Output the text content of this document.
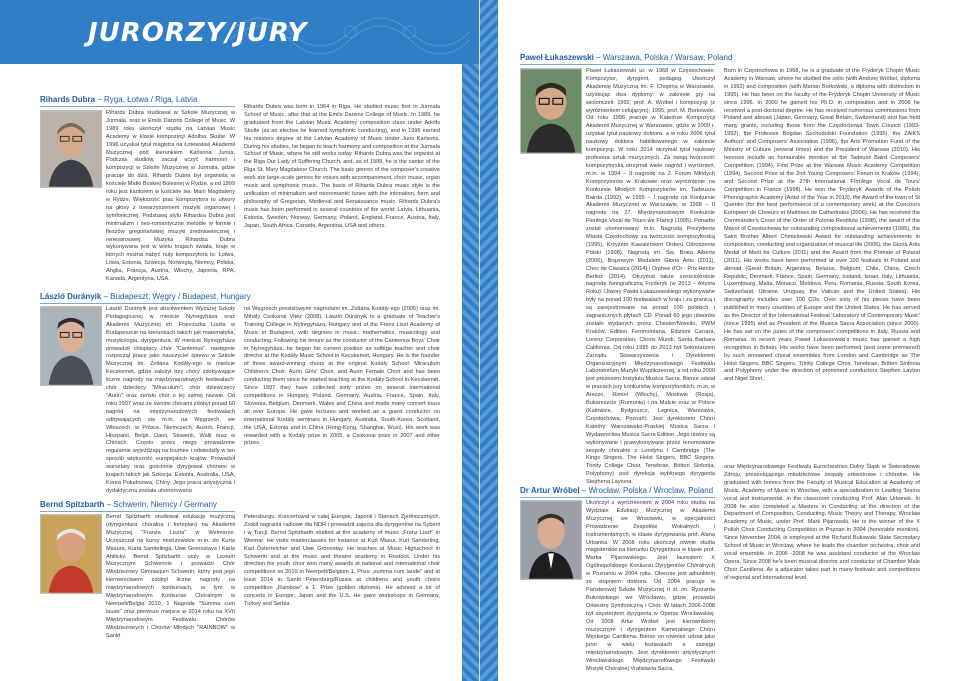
JURORZY/JURY
Rihards Dubra – Ryga, Łotwa / Riga, Latvia

Rihards Dubra studiował w Szkole Muzycznej w Jurmala, oraz w Emils Darzins College of Music. W 1989 roku ukończył studia na Latvian Music Academy w klasie kompozycji Adolfsa Skulte. W 1996 uzyskał tytuł magistra na Łotewskiej Akademii Muzycznej pod kierunkiem Karlsona Jurisa. Podczas studiów, zaczął uczyć harmonii i kompozycji w Szkole Muzycznej w Jurmala, gdzie pracuje do dziś. Rihards Dubra był organistą w kościele Matki Boskiej Bolesnej w Rydze, a od 1999 roku jest kantorem w kościele św. Marii Magdaleny w Rydze. Większość prac kompozytora to utwory na głosy z towarzyszeniem muzyki organowej i symfonicznej. Podstawą stylu Rihardsa Dubra jest minimalizm i neo-romantyczne melodie w formie i fleszów gregoriańskiej muzyki średniowiecznej i renesansowej. Muzyka Rihardsa Dubra wykonywana jest w wielu krajach świata, kraje w których można nabyć nuty kompozytora to: Łotwa, Litwa, Estonia, Szwecja, Norwegia, Niemcy, Polska, Anglia, Francja, Austria, Włochy, Japonia, RPA, Kanada, Argentyna, USA.

Rihards Dubra was born in 1964 in Riga. He studied music first in Jurmala School of Music, after that at the Emils Darzins College of Music. In 1989, he graduated from the Latvian Music Academy composition class under Adolfs Skulte (as an elective he learned symphonic conducting), and in 1996 earned his masters degree at the Latvian Academy of Music under Juris Karlsons. During his studies, he began to teach harmony and composition at the Jurmala School of Music, where he still works today. Rihards Dubra was the organist at the Riga Our Lady of Suffering Church, and, as of 1999, he is the cantor of the Riga St. Mary Magdalene Church. The basic genres of the composer's creative work are large-scale genres for voices with accompaniment, choir music, organ music and symphonic music. The basis of Rihards Dubra music style is the unification of minimalism and neoromantic tunes with the intonation, form and philosophy of Gregorian, Medieval and Renaissance music. Rihards Dubra's music has been performed in several countries of the world: Latvia, Lithuania, Estonia, Sweden, Norway, Germany, Poland, England, France, Austria, Italy, Japan, South Africa, Canada, Argentina, USA and others.

László Durányik – Budapeszt, Węgry / Budapest, Hungary

László Durányik jest absolwentem Wyższej Szkoły Pedagogicznej w mieście Nyíregyháza oraz Akademii Muzycznej im. Franciszka Liszta w Budapeszcie na kierunkach takich jak matematyka, muzykologia, dyrygentura. W mieście Nyíregyháza prowadził chłopięcy chór "Cantemus", następnie rozpoczął pracę jako nauczyciel śpiewu w Szkole Muzycznej im. Zoltána Kodály-ego w mieście Kecskemét, gdzie założył trzy chóry zdobywające liczne nagrody na międzynarodowych festiwalach: chór dziecięcy "Miraculum", chór dziewczęcy "Aurin" oraz żeński chór o tej samej nazwie. Od roku 1997 wraz ze swoimi chórami zdobył ponad 60 nagród na międzynarodowych festiwalach odbywających się m.in. na Węgrzech, we Włoszech, w Polsce, Niemczech, Austrii, Francji, Hiszpanii, Belgii, Danii, Słowenii, Walii oraz w Chinach. Często przez niego prowadzone regularnie wyjeżdżają na tournee i odwiedziły w ten sposób większość europejskich krajów. Prowadził warsztaty oraz gościnnie dyrygował chórami w krajach takich jak Szkocja, Estonia, Australia, USA, Korea Południowa, Chiny. Jego praca artystyczna i dydaktyczna została uhonorowana

na Węgrzech prestiżowymi nagrodami im. Zoltána Kodály-ego (2005) oraz im. Mihály Csokonai Vitéz (2008). László Durányik is a graduate of Teacher's Training College in Nyíregyháza, Hungary and of the Franz Liszt Academy of Music in Budapest, with degrees in music, mathematics, musicology and conducting. Following his tenure as the conductor of the Cantemus Boys' Choir in Nyíregyháza, he began his current position as solfège teacher and choir director at the Kodály Music School in Kecskemét, Hungary. He is the founder of three award-winning choirs at the original Kodály School: Miraculum Children's Choir, Aurin Girls' Choir, and Aurin Female Choir and has been conducting them since he started teaching at the Kodály School in Kecskemét. Since 1997 they have collected sixty prizes on several international competitions in Hungary, Poland, Germany, Austria, France, Spain, Italy, Slovenia, Belgium, Denmark, Wales and China and made many concert tours all over Europe. He gave lectures and worked as a guest conductor on international Kodály seminars in Hungary, Australia, South-Korea, Scotland, the USA, Estonia and in China (Hong-Kong, Shanghai, Wuxi). His work was rewarded with a Kodály prize in 2005, a Csokonai prize in 2007 and other prizes.

Bernd Spitzbarth – Schwerin, Niemcy / Germany

Bernd Spitzbarth studiował edukację muzyczną (dyrygentura chóralna i fortepian) na Akademii Muzycznej "Franza Liszta" w Weimarze. Uczęszczał na kursy mistrzowskie m.in. do Kurta Masura, Kurta Sandelinga, Uwe Gronostaya i Karla Antlicky. Bernd Spitzbarth uczy w Liceum Muzycznym Schwerinie i prowadzi Chór Młodzieżowy Gimnazjum Schwerin, który pod jego kierownictwem zdobył liczne nagrody na międzynarodowych konkursach, w tym w Międzynarodowym Konkursie Chóralnym w Neerpelt/Belgia 2010, 1 Nagrodę "Summa cum laude" oraz pierwsze miejsce w 2014 roku na XVII Międzynarodowym Festiwalu Chórów Młodzieżowych i Chórów Młodych "RAINBOW" w Sankt

Petersburgu. Koncertował w całej Europie, Japonii i Stanach Zjednoczonych. Zrobił nagrania radiowe dla NDR i prowadził zajęcia dla dyrygentów na Syberii i w Turcji. Bernd Spitzbarth studied at the academy of music „Franz Liszt" in Weimar. He visits masterclasses for instance at Kurt Masur, Kurt Sanderling, Karl Österreicher and Uwe Gronostay. He teaches at Music Highschool in Schwerin and at the music and theatre academy in Rostock. Under his direction his youth choir won many awards at national and international choir competitions so 2010 in Neerpelt/Belgium 1. Prize „summa cum laude" and at least 2014 in Sankt Petersburg/Russia at childrens and youth choirs competition „Rainbow" a 1. Prize (golden diploma). He advised a lot of concerts in Europe, Japan and the U.S. He gave workshops in Germany, Turkey and Serbia.

Paweł Łukaszewski – Warszawa, Polska / Warsaw, Poland

Paweł Łukaszewski ur. w 1968 w Częstochowie. Kompozytor, dyrygent, pedagog. Ukończył Akademię Muzyczną im. F. Chopina w Warszawie, uzyskując dwa dyplomy: w zakresie gry na wiolonczeli: 1992, prof. A. Wróbel i kompozycji (z wyróżnieniem celującym); 1995, prof. M. Borkowski. Od roku 1996 pracuje w Katedrze Kompozycji Akademii Muzycznej w Warszawie, gdzie w 2000 r. uzyskał tytuł naukowy doktora, a w roku 2006 tytuł naukowy doktora habilitowanego w zakresie kompozycji. W roku 2014 otrzymał tytuł naukowy profesora sztuk muzycznych. Za swoją twórczość kompozytorską otrzymał wiele nagród i wyróżnień, m.in. w 1994 – II nagrodę na 2. Forum Młodych Kompozytorów w Krakowie oraz wyróżnienie na Konkursie Młodych Kompozytorów im. Tadeusza Bairda (1992), w 1995 – I nagrodę na Konkursie Akademii Muzycznej w Warszawie, w 1998 – II nagrodę na 27. Międzynarodowym Konkursie Florilège Vocal de Tours we Francji (1995). Ponadto został uhonorowany m.in. Nagrodą Prezydenta Miasta Częstochowy za twórczość kompozytorską (1995), Krzyżem Kawalerskim Orderu Odrodzenia Polski (1998), Nagrodą im. Św. Brata Alberta (2006), Brązowym Medalem Gloria Artis (2011), Choc de Classica (2014) i Orphee d'Or - Prix Hector Berlioz (2014). Otrzymał także sześciokrotnie nagrodę fonograficzną Fryderyk (w 2013 - Artysta Roku). Utwory Pawła Łukaszewskiego wykonywane były na ponad 100 festiwalach w kraju i za granicą i są zarejestrowane na ponad 100 polskich i zagranicznych płytach CD. Ponad 60 jego utworów zostało wydanych przez Chester/Novello, PWM Kraków, Edition Ferrimontana, Edizioni Carrara, Lorenz Corporation, Choris Mundi, Santa Barbara California. Od roku 1995 do 2013 był Sekretarzem Zarządu Stowarzyszenia i Dyrektorem Organizacyjnym Międzynarodowego Festiwalu Laboratorium Muzyki Współczesnej, a od roku 2000 jest prezesem Instytutu Musica Sacra. Bierze udział w pracach jury konkursów kompozytorskich, m.in. w Arezzo, Rimini (Włochy), Moskwie (Rosja), Bukareszcie (Rumunia) i na Malcie oraz w Polsce (Katowice, Bydgoszcz, Legnica, Warszawa, Częstochowa, Poznań). Jest dyrektorem Chóru Katedry Warszawsko-Praskiej Musica Sacra i Wydawnictwa Musica Sacra Edition. Jego utwory są wykonywane i prawykonywane przez renomowane zespoły chóralne z Londynu i Cambridge (The Kings Singers, The Holst Singers, BBC Singers, Trinity College Choir, Tenebrae, Britten Sinfonia, Polyphony) pod dyrekcją wybitnego dyrygenta Stephena Laytona.

Born in Częstochowa in 1968, he is a graduate of the Fryderyk Chopin Music Academy in Warsaw, where he studied the cello (with Andrzej Wróbel, diploma in 1992) and composition (with Marian Borkowski, a diploma with distinction in 1995). He has been on the faculty of the Fryderyk Chopin University of Music since 1996. In 2000 he gained his Ph.D. in composition and in 2006 he received a post-doctoral degree. He has received numerous commissions from Poland and abroad (Japan, Germany, Great Britain, Switzerland) and has held many grants, including those from the Częstochowa Town Council (1993-1992), the Professor Bogdan Suchodolski Foundation (1995), the ZAiKS Authors' and Composers' Association (1996), the Arts Promotion Fund of the Ministry of Culture (several times) and the President of Warsaw (2010). His honours include an honourable mention at the Tadeusz Baird Composers' Competition (1994), First Prize at the Warsaw Music Academy Competition (1994), Second Prize at the 2nd Young Composers' Forum in Kraków (1994), and Second Prize at the 27th International 'Florilège Vocal de Tours' Competition in France (1998). He won the 'Fryderyk' Awards of the Polish Phonographic Academy (Artist of the Year in 2013), the Award of the town of St Quentin (for the best performance of a contemporary work) at the Concours Europeen de Choeurs et Maitrises de Cathedrales (2006). He has received the Commander's Cross of the Order of Polonia Restituta (1998), the award of the Mayor of Częstochowa for outstanding compositional achievements (1995), the Saint Brother Albert Chmielowski Award for outstanding achievements in composition, conducting and organization of musical life (2006), the Gloria Artis Medal of Merit for Culture (2011) and the Award from the Primate of Poland (2011). His works have been performed at over 100 festivals in Poland and abroad (Great Britain, Argentina, Belarus, Belgium, Chile, China, Czech Republic, Denmark, France, Spain, Germany, Iceland, Israel, Italy, Lithuania, Luxembourg, Malta, Monaco, Moldova, Peru, Romania, Russia, South Korea, Switzerland, Ukraine, Uruguay, the Vatican and the United States). His discography includes over 100 CDs. Over sixty of his pieces have been published in many countries of Europe and the United States. He has served as the Director of the International Festival 'Laboratory of Contemporary Music' (since 1995) and as President of the Musica Sacra Association (since 2000). He has sat on the juries of the composers' competitions in Italy, Russia and Romania. In recent years Paweł Łukaszewski's music has gained a high recognition in Britain. His works have been performed (and some premiered) by such renowned choral ensembles from London and Cambridge as The Holst Singers, BBC Singers, Trinity College Choir, Tenebrae, Britten Sinfonia and Polyphony under the direction of prominent conductors Stephen Layton and Nigel Short.

Dr Artur Wróbel – Wrocław, Polska / Wroclaw, Poland

Ukończył z wyróżnieniem w 2004 roku studia na Wydziale Edukacji Muzycznej w Akademii Muzycznej we Wrocławiu, w specjalności Prowadzenie Zespołów Wokalnych i Instrumentalnych, w klasie dyrygowania prof. Alana Urbanka. W 2008 roku ukończył równie studia magisterskie na kierunku Dyrygentura w klasie prof. Marka Pijarowskiego. Jest laureatem X Ogólnopolskiego Konkursu Dyrygentów Chóralnych w Poznaniu w 2004 roku. Obecnie jest adiunktem ze stopniem doktora. Od 2004 pracuje w Państwowej Szkole Muzycznej II st. im. Ryszarda Bukowskiego we Wrocławiu, gdzie prowadzi Orkiestrę Symfoniczną i Chór. W latach 2006-2008 był asystentem dyrygenta w Operze Wrocławskiej. Od 2008 Artur Wróbel jest kierownikiem muzycznym i dyrygentem Kameralnego Chóru Męskiego Cantilena. Bierze on również udział jako juror w wielu festiwalach a zasięgu międzynarodowym. Jest dyrektorem artystycznym Wrocławskiego Międzynarodowego Festiwalu Muzyki Chóralnej Vratislavia Sacra,

oraz Międzynarodowego Festiwalu Eurochestries Dolny Śląsk w Świeradowie Zdroju, prezentującego młodzieżowe zespoły orkiestrowe i chóralne. He graduated with honors from the Faculty of Musical Education at Academy of Music. Academy of Music in Wroclaw, with a specialization in Leading Teams vocal and instrumental, in the classroom conducting Prof. Alan Urbanek. In 2008 he also completed a Masters in Conducting at the direction of the Department of Composition, Conducting, Music Theory and Therapy, Wroclaw Academy of Music, under Prof. Mark Pijarowski. He is the winner of the X Polish Choir Conducting Competition in Poznan in 2004 (honorable mention). Since November 2004, is employed at the Richard Bukowski State Secondary School of Music in Wroclaw, where he leads the chamber orchestra, choir and vocal ensemble. In 2006 -2008 he was assistant conductor at the Wroclaw Opera. Since 2008 he's been musical director and conductor of Chamber Male Choir Cantilena. As a adjucator takes part in many festivals and competitions of regional and international level.
